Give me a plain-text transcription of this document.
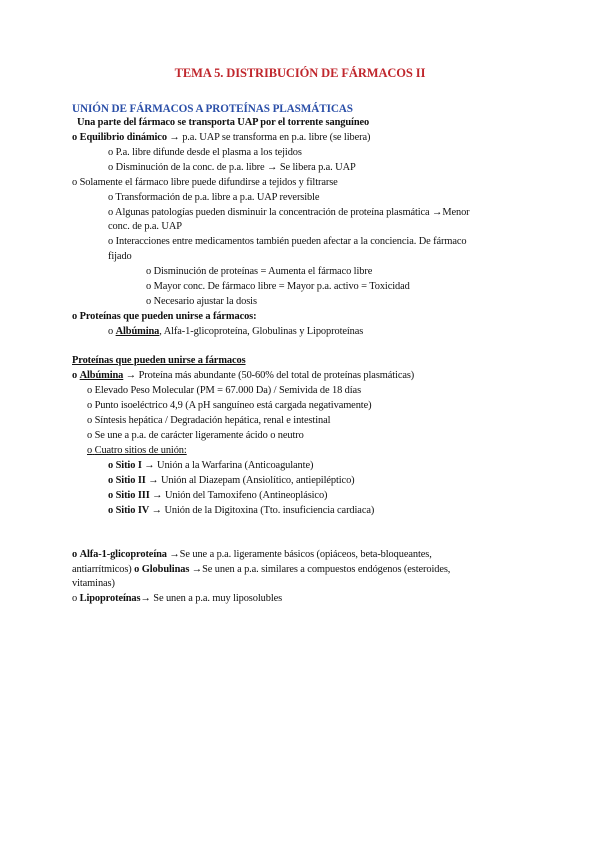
TEMA 5. DISTRIBUCIÓN DE FÁRMACOS II
UNIÓN DE FÁRMACOS A PROTEÍNAS PLASMÁTICAS
Una parte del fármaco se transporta UAP por el torrente sanguíneo
o Equilibrio dinámico → p.a. UAP se transforma en p.a. libre (se libera)
o P.a. libre difunde desde el plasma a los tejidos
o Disminución de la conc. de p.a. libre → Se libera p.a. UAP
o Solamente el fármaco libre puede difundirse a tejidos y filtrarse
o Transformación de p.a. libre a p.a. UAP reversible
o Algunas patologías pueden disminuir la concentración de proteína plasmática →Menor
conc. de p.a. UAP
o Interacciones entre medicamentos también pueden afectar a la conciencia. De fármaco
fijado
o Disminución de proteínas = Aumenta el fármaco libre
o Mayor conc. De fármaco libre = Mayor p.a. activo = Toxicidad
o Necesario ajustar la dosis
o Proteínas que pueden unirse a fármacos:
o Albúmina, Alfa-1-glicoproteína, Globulinas y Lipoproteínas
Proteínas que pueden unirse a fármacos
o Albúmina → Proteína más abundante (50-60% del total de proteínas plasmáticas)
o Elevado Peso Molecular (PM = 67.000 Da) / Semivida de 18 días
o Punto isoeléctrico 4,9 (A pH sanguíneo está cargada negativamente)
o Síntesis hepática / Degradación hepática, renal e intestinal
o Se une a p.a. de carácter ligeramente ácido o neutro
o Cuatro sitios de unión:
o Sitio I → Unión a la Warfarina (Anticoagulante)
o Sitio II → Unión al Diazepam (Ansiolítico, antiepiléptico)
o Sitio III → Unión del Tamoxifeno (Antineoplásico)
o Sitio IV → Unión de la Digitoxina (Tto. insuficiencia cardiaca)
o Alfa-1-glicoproteína →Se une a p.a. ligeramente básicos (opiáceos, beta-bloqueantes,
antiarrítmicos) o Globulinas →Se unen a p.a. similares a compuestos endógenos (esteroides,
vitaminas)
o Lipoproteínas→ Se unen a p.a. muy liposolubles
